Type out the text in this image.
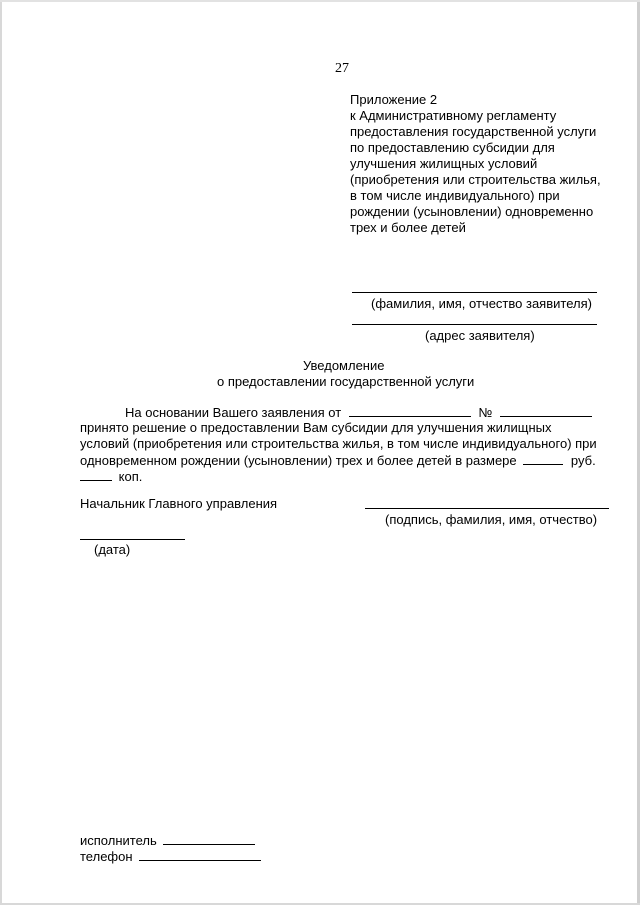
27
Приложение 2
к Административному регламенту
предоставления государственной услуги
по предоставлению субсидии для
улучшения жилищных условий
(приобретения или строительства жилья,
в том числе индивидуального) при
рождении (усыновлении) одновременно
трех и более детей
(фамилия, имя, отчество заявителя)
(адрес заявителя)
Уведомление
о предоставлении государственной услуги
На основании Вашего заявления от	№
принято решение о предоставлении Вам субсидии для улучшения жилищных
условий (приобретения или строительства жилья, в том числе индивидуального) при
одновременном рождении (усыновлении) трех и более детей в размере	руб.
коп.
Начальник Главного управления
(подпись, фамилия, имя, отчество)
(дата)
исполнитель
телефон
